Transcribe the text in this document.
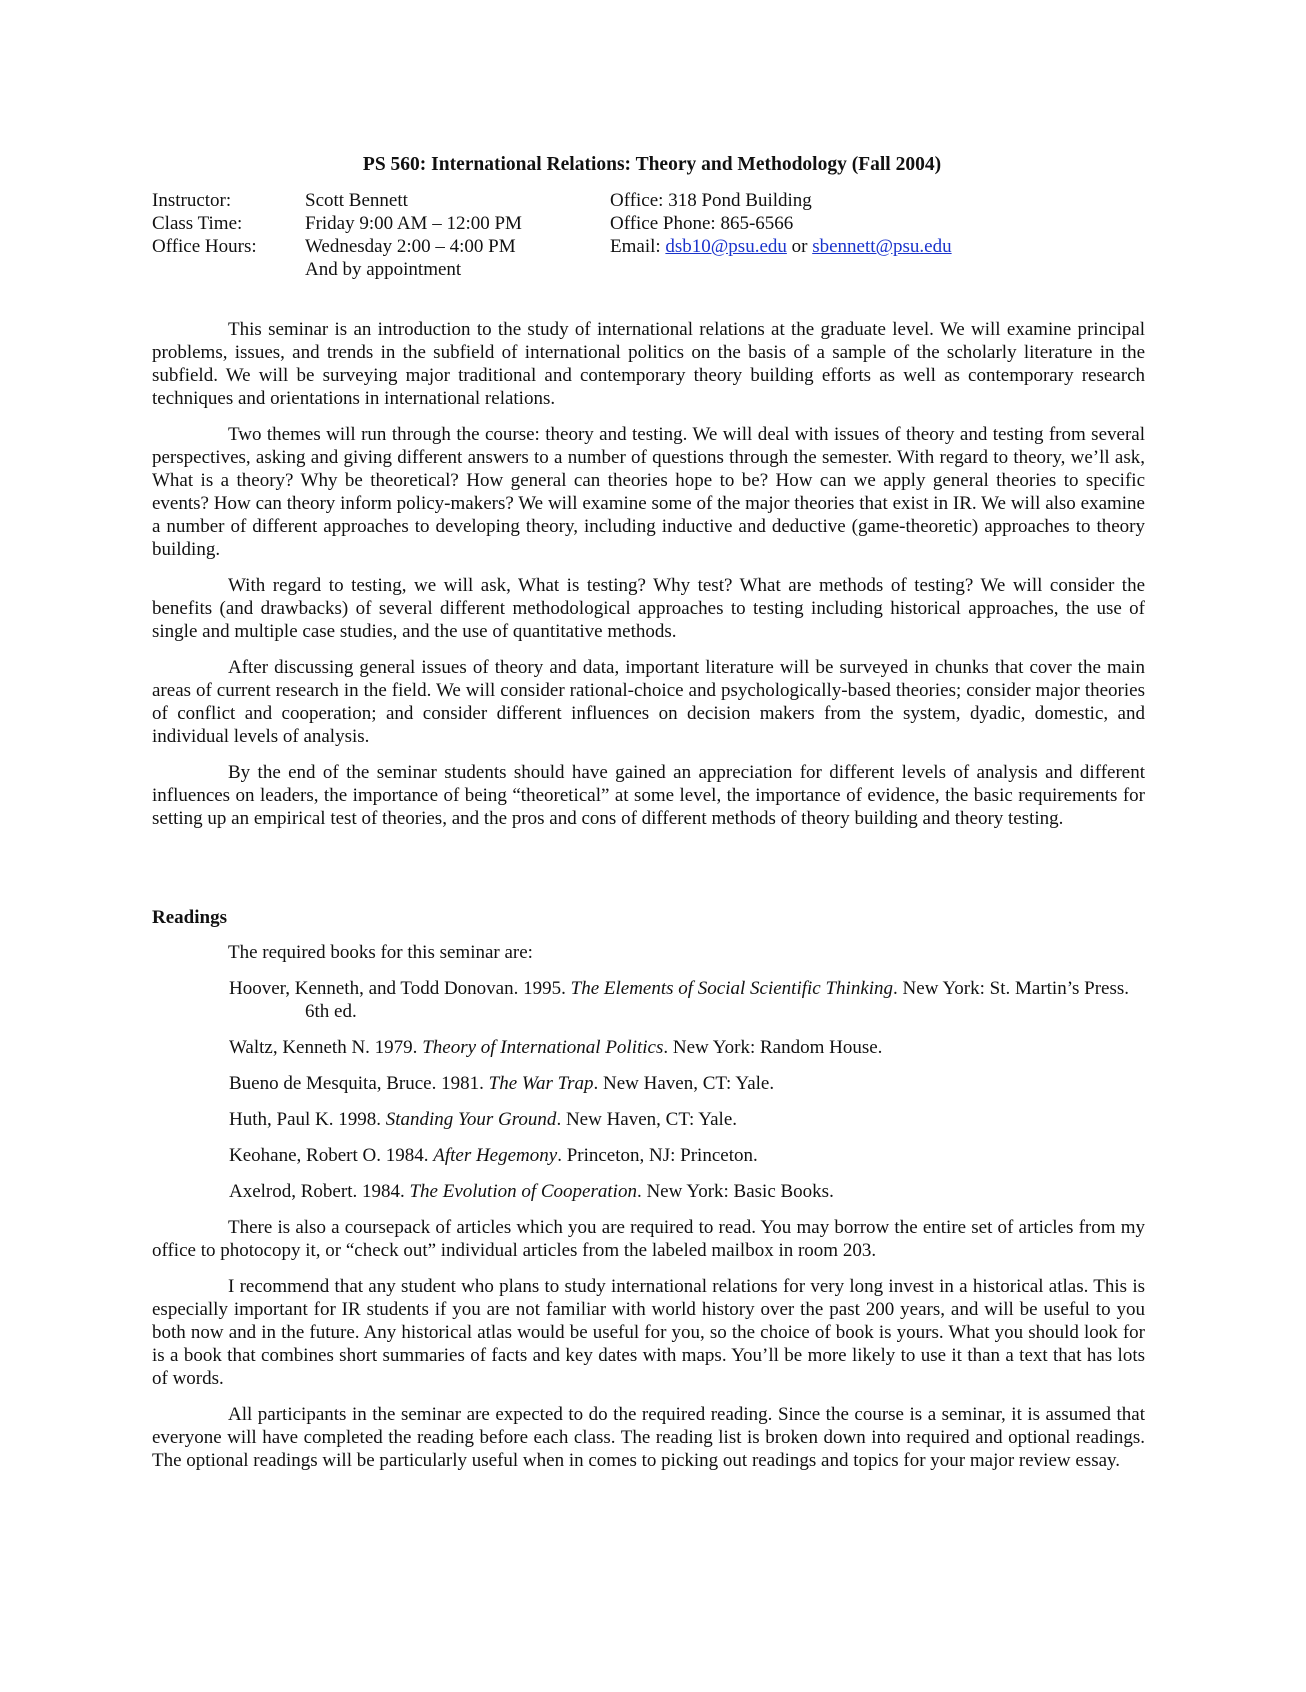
PS 560: International Relations: Theory and Methodology (Fall 2004)
Instructor:	Scott Bennett	Office: 318 Pond Building
Class Time:	Friday 9:00 AM – 12:00 PM	Office Phone: 865-6566
Office Hours:	Wednesday 2:00 – 4:00 PM	Email: dsb10@psu.edu or sbennett@psu.edu
And by appointment

This seminar is an introduction to the study of international relations at the graduate level. We will examine principal problems, issues, and trends in the subfield of international politics on the basis of a sample of the scholarly literature in the subfield. We will be surveying major traditional and contemporary theory building efforts as well as contemporary research techniques and orientations in international relations.

Two themes will run through the course: theory and testing. We will deal with issues of theory and testing from several perspectives, asking and giving different answers to a number of questions through the semester. With regard to theory, we’ll ask, What is a theory? Why be theoretical? How general can theories hope to be? How can we apply general theories to specific events? How can theory inform policy-makers? We will examine some of the major theories that exist in IR. We will also examine a number of different approaches to developing theory, including inductive and deductive (game-theoretic) approaches to theory building.

With regard to testing, we will ask, What is testing? Why test? What are methods of testing? We will consider the benefits (and drawbacks) of several different methodological approaches to testing including historical approaches, the use of single and multiple case studies, and the use of quantitative methods.

After discussing general issues of theory and data, important literature will be surveyed in chunks that cover the main areas of current research in the field. We will consider rational-choice and psychologically-based theories; consider major theories of conflict and cooperation; and consider different influences on decision makers from the system, dyadic, domestic, and individual levels of analysis.

By the end of the seminar students should have gained an appreciation for different levels of analysis and different influences on leaders, the importance of being “theoretical” at some level, the importance of evidence, the basic requirements for setting up an empirical test of theories, and the pros and cons of different methods of theory building and theory testing.

Readings

The required books for this seminar are:

Hoover, Kenneth, and Todd Donovan. 1995. The Elements of Social Scientific Thinking. New York: St. Martin’s Press. 6th ed.
Waltz, Kenneth N. 1979. Theory of International Politics. New York: Random House.
Bueno de Mesquita, Bruce. 1981. The War Trap. New Haven, CT: Yale.
Huth, Paul K. 1998. Standing Your Ground. New Haven, CT: Yale.
Keohane, Robert O. 1984. After Hegemony. Princeton, NJ: Princeton.
Axelrod, Robert. 1984. The Evolution of Cooperation. New York: Basic Books.

There is also a coursepack of articles which you are required to read. You may borrow the entire set of articles from my office to photocopy it, or “check out” individual articles from the labeled mailbox in room 203.

I recommend that any student who plans to study international relations for very long invest in a historical atlas. This is especially important for IR students if you are not familiar with world history over the past 200 years, and will be useful to you both now and in the future. Any historical atlas would be useful for you, so the choice of book is yours. What you should look for is a book that combines short summaries of facts and key dates with maps. You’ll be more likely to use it than a text that has lots of words.

All participants in the seminar are expected to do the required reading. Since the course is a seminar, it is assumed that everyone will have completed the reading before each class. The reading list is broken down into required and optional readings. The optional readings will be particularly useful when in comes to picking out readings and topics for your major review essay.
